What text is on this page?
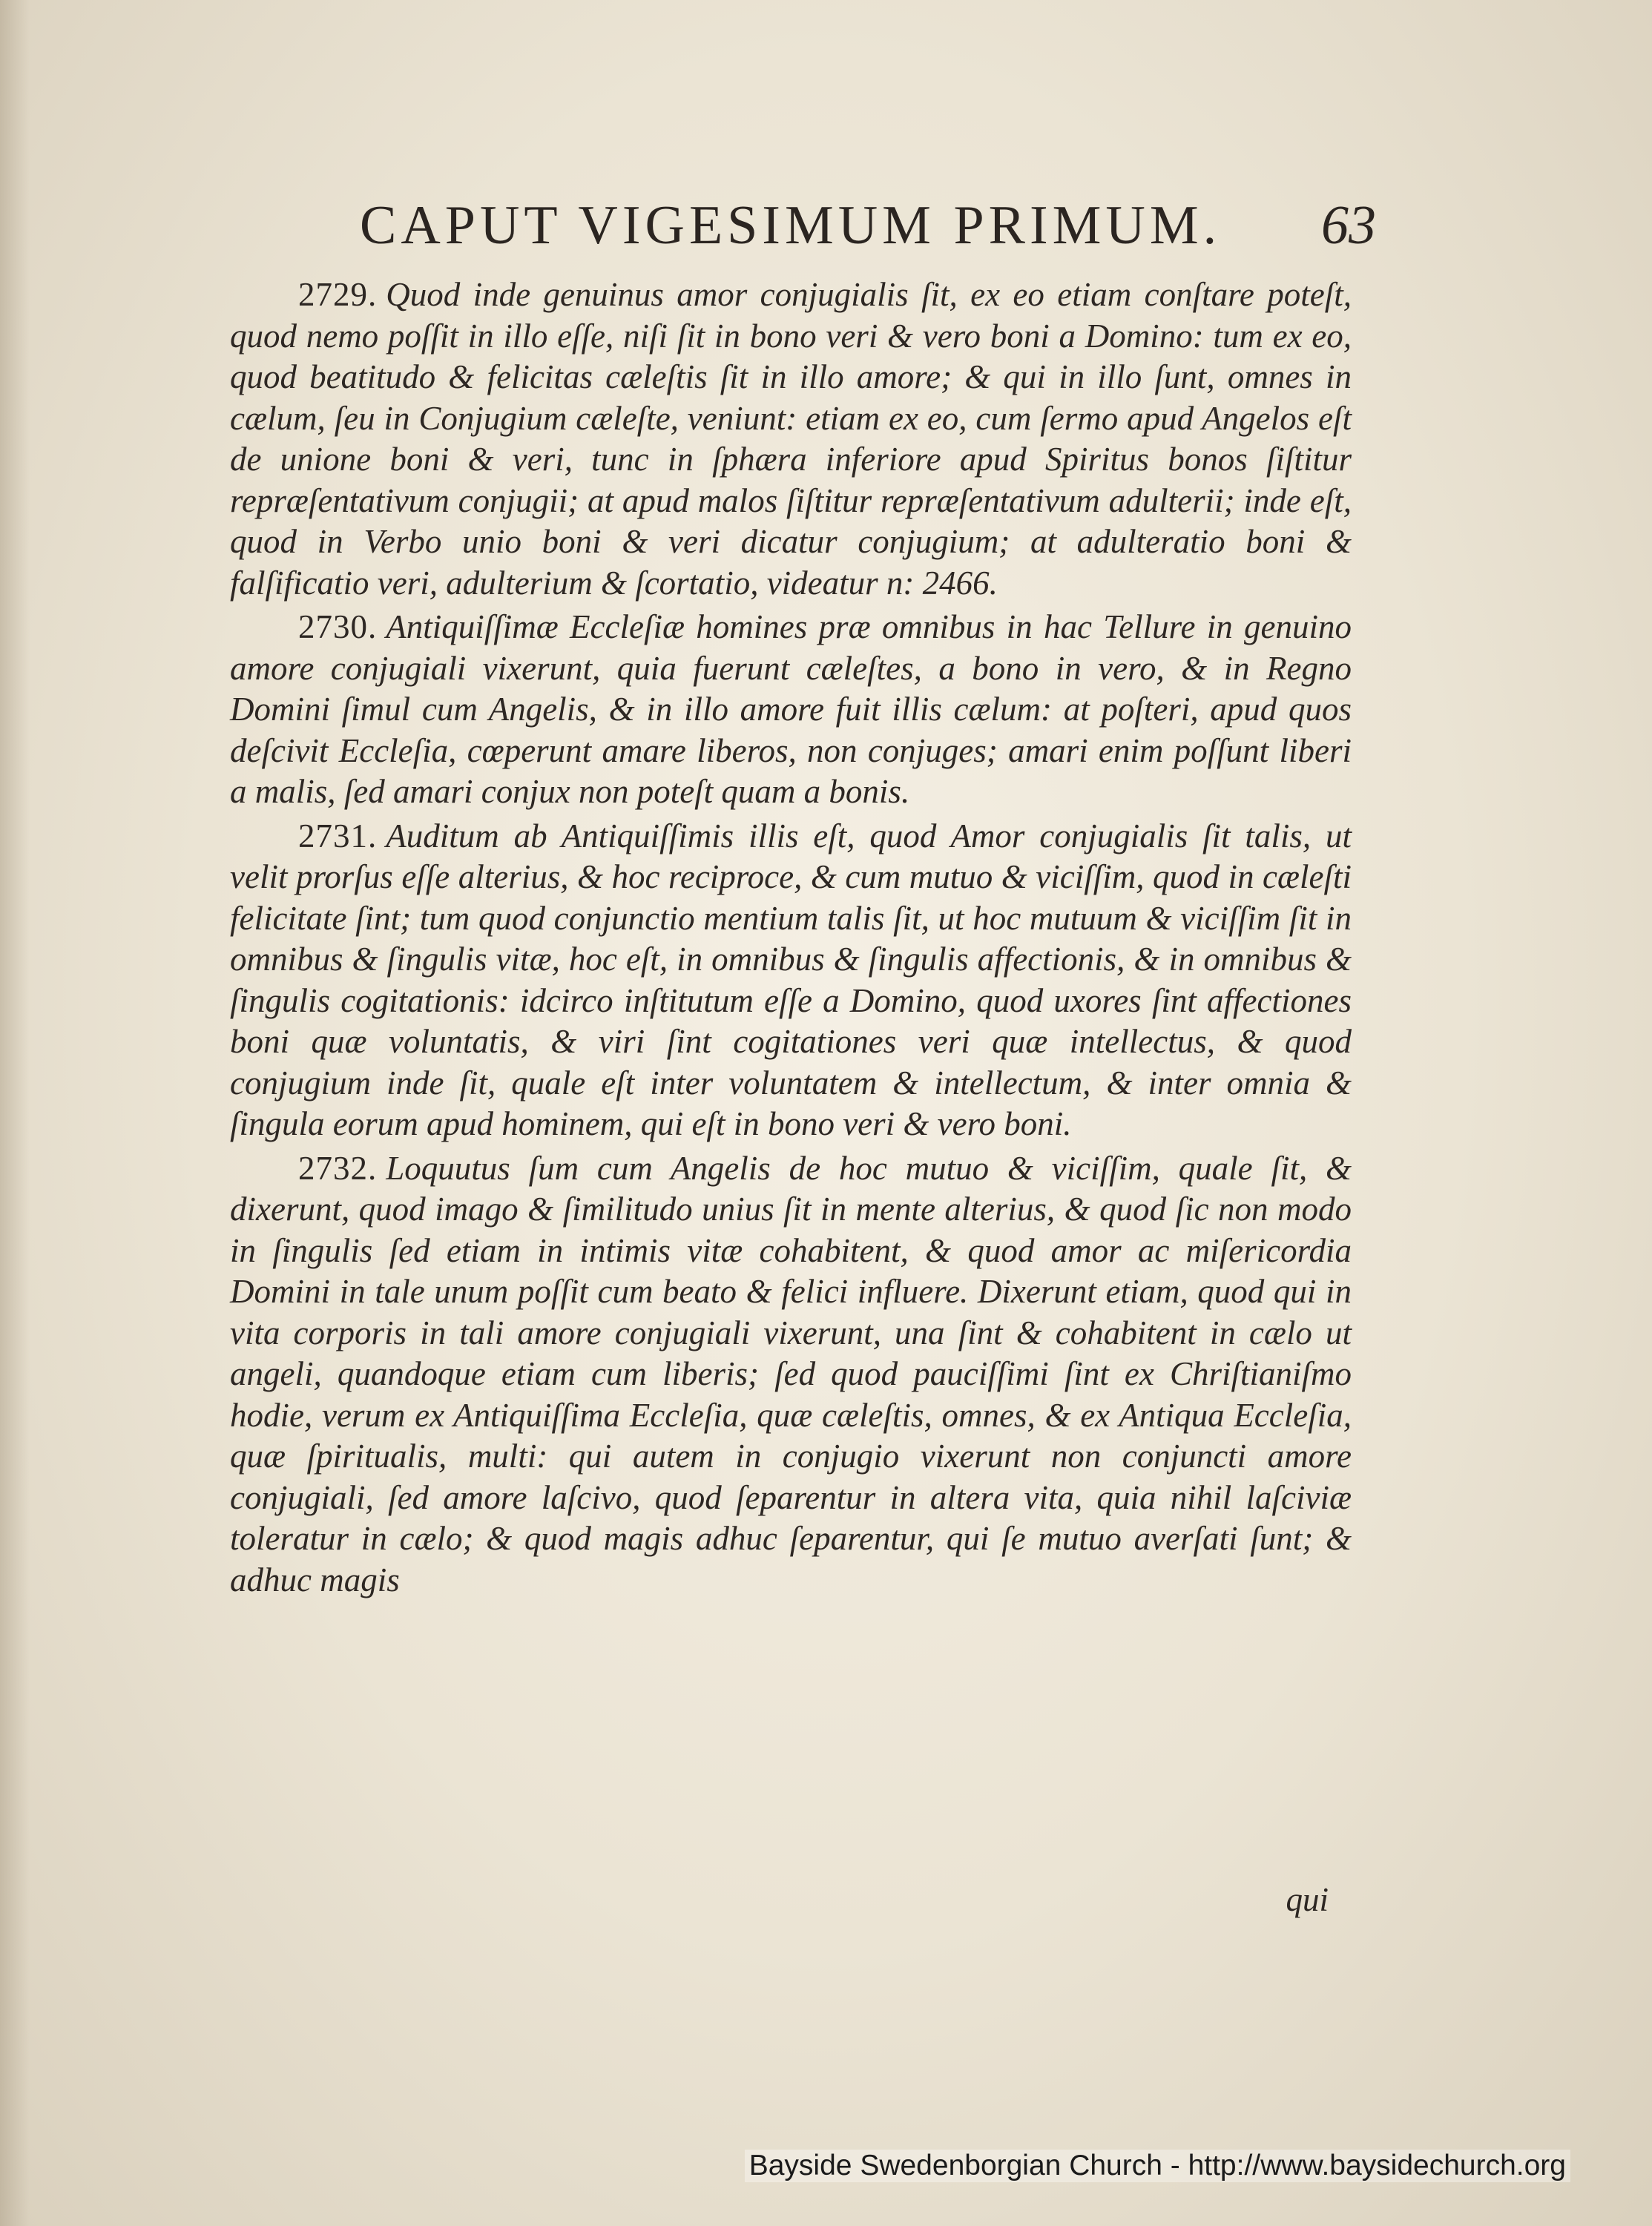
CAPUT VIGESIMUM PRIMUM. 63

2729. Quod inde genuinus amor conjugialis ſit, ex eo etiam conſtare poteſt, quod nemo poſſit in illo eſſe, niſi ſit in bono veri & vero boni a Domino: tum ex eo, quod beatitudo & felicitas cæleſtis ſit in illo amore; & qui in illo ſunt, omnes in cælum, ſeu in Conjugium cæleſte, veniunt: etiam ex eo, cum ſermo apud Angelos eſt de unione boni & veri, tunc in ſphæra inferiore apud Spiritus bonos ſiſtitur repræſentativum conjugii; at apud malos ſiſtitur repræſentativum adulterii; inde eſt, quod in Verbo unio boni & veri dicatur conjugium; at adulteratio boni & falſificatio veri, adulterium & ſcortatio, videatur n: 2466.

2730. Antiquiſſimæ Eccleſiæ homines præ omnibus in hac Tellure in genuino amore conjugiali vixerunt, quia fuerunt cæleſtes, a bono in vero, & in Regno Domini ſimul cum Angelis, & in illo amore fuit illis cælum: at poſteri, apud quos deſcivit Eccleſia, cœperunt amare liberos, non conjuges; amari enim poſſunt liberi a malis, ſed amari conjux non poteſt quam a bonis.

2731. Auditum ab Antiquiſſimis illis eſt, quod Amor conjugialis ſit talis, ut velit prorſus eſſe alterius, & hoc reciproce, & cum mutuo & viciſſim, quod in cæleſti felicitate ſint; tum quod conjunctio mentium talis ſit, ut hoc mutuum & viciſſim ſit in omnibus & ſingulis vitæ, hoc eſt, in omnibus & ſingulis affectionis, & in omnibus & ſingulis cogitationis: idcirco inſtitutum eſſe a Domino, quod uxores ſint affectiones boni quæ voluntatis, & viri ſint cogitationes veri quæ intellectus, & quod conjugium inde ſit, quale eſt inter voluntatem & intellectum, & inter omnia & ſingula eorum apud hominem, qui eſt in bono veri & vero boni.

2732. Loquutus ſum cum Angelis de hoc mutuo & viciſſim, quale ſit, & dixerunt, quod imago & ſimilitudo unius ſit in mente alterius, & quod ſic non modo in ſingulis ſed etiam in intimis vitæ cohabitent, & quod amor ac miſericordia Domini in tale unum poſſit cum beato & felici influere. Dixerunt etiam, quod qui in vita corporis in tali amore conjugiali vixerunt, una ſint & cohabitent in cælo ut angeli, quandoque etiam cum liberis; ſed quod pauciſſimi ſint ex Chriſtianiſmo hodie, verum ex Antiquiſſima Eccleſia, quæ cæleſtis, omnes, & ex Antiqua Eccleſia, quæ ſpiritualis, multi: qui autem in conjugio vixerunt non conjuncti amore conjugiali, ſed amore laſcivo, quod ſeparentur in altera vita, quia nihil laſciviæ toleratur in cælo; & quod magis adhuc ſeparentur, qui ſe mutuo averſati ſunt; & adhuc magis

qui
Bayside Swedenborgian Church - http://www.baysidechurch.org
